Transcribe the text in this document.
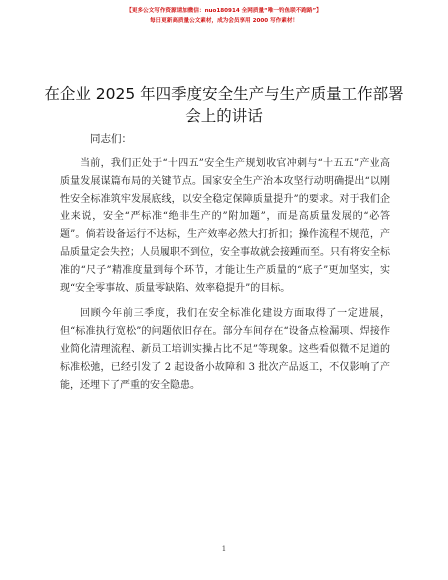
【更多公文写作资源请加微信：nuo180914 全网质量“唯一钓鱼联不跑路”】
每日更新高质量公文素材，成为会员享用 2000 写作素材！
在企业 2025 年四季度安全生产与生产质量工作部署会上的讲话
同志们：

当前，我们正处于“十四五”安全生产规划收官冲刺与“十五五”产业高质量发展谋篇布局的关键节点。国家安全生产治本攻坚行动明确提出“以刚性安全标准筑牢发展底线，以安全稳定保障质量提升”的要求。对于我们企业来说，安全“严标准“绝非生产的”附加题”，而是高质量发展的“必答题”。倘若设备运行不达标，生产效率必然大打折扣；操作流程不规范，产品质量定会失控；人员履职不到位，安全事故就会接踵而至。只有将安全标准的“尺子”精准度量到每个环节，才能让生产质量的“底子”更加坚实，实现“安全零事故、质量零缺陷、效率稳提升”的目标。

回顾今年前三季度，我们在安全标准化建设方面取得了一定进展，但“标准执行宽松”的问题依旧存在。部分车间存在“设备点检漏项、焊接作业简化清理流程、新员工培训实操占比不足”等现象。这些看似微不足道的标准松弛，已经引发了 2 起设备小故障和 3 批次产品返工，不仅影响了产能，还埋下了严重的安全隐患。

1
